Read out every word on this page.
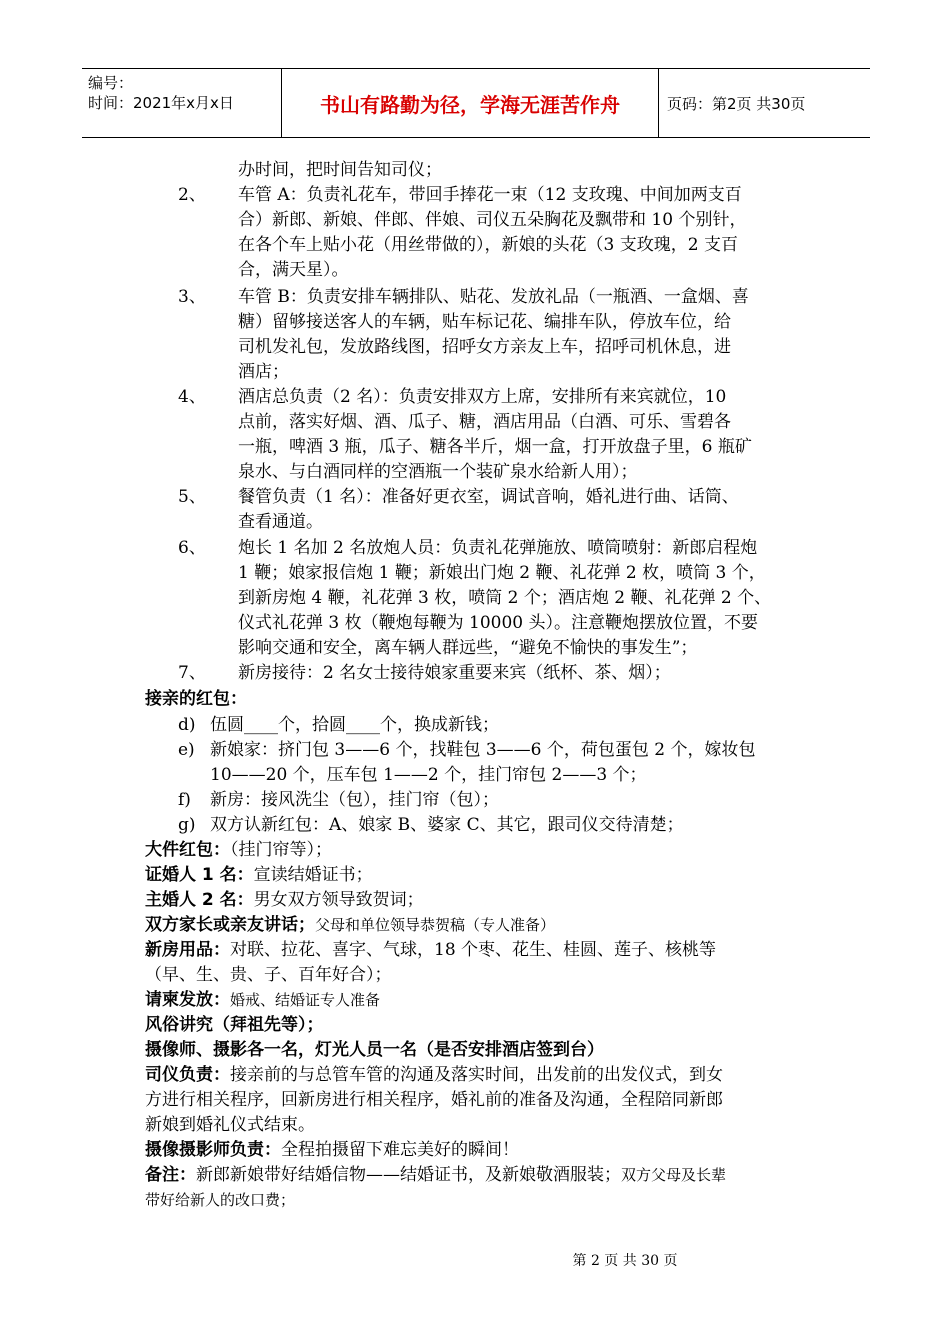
编号：
时间：2021年x月x日	书山有路勤为径，学海无涯苦作舟	页码：第2页 共30页
办时间，把时间告知司仪；
2、 车管 A：负责礼花车，带回手捧花一束（12 支玫瑰、中间加两支百
合）新郎、新娘、伴郎、伴娘、司仪五朵胸花及飘带和 10 个别针，
在各个车上贴小花（用丝带做的），新娘的头花（3 支玫瑰，2 支百
合，满天星）。
3、 车管 B：负责安排车辆排队、贴花、发放礼品（一瓶酒、一盒烟、喜
糖）留够接送客人的车辆，贴车标记花、编排车队，停放车位，给
司机发礼包，发放路线图，招呼女方亲友上车，招呼司机休息，进
酒店；
4、 酒店总负责（2 名）：负责安排双方上席，安排所有来宾就位，10
点前，落实好烟、酒、瓜子、糖，酒店用品（白酒、可乐、雪碧各
一瓶，啤酒 3 瓶，瓜子、糖各半斤，烟一盒，打开放盘子里，6 瓶矿
泉水、与白酒同样的空酒瓶一个装矿泉水给新人用）；
5、 餐管负责（1 名）：准备好更衣室，调试音响，婚礼进行曲、话筒、
查看通道。
6、 炮长 1 名加 2 名放炮人员：负责礼花弹施放、喷筒喷射：新郎启程炮
1 鞭；娘家报信炮 1 鞭；新娘出门炮 2 鞭、礼花弹 2 枚，喷筒 3 个，
到新房炮 4 鞭，礼花弹 3 枚，喷筒 2 个；酒店炮 2 鞭、礼花弹 2 个、
仪式礼花弹 3 枚（鞭炮每鞭为 10000 头）。注意鞭炮摆放位置，不要
影响交通和安全，离车辆人群远些，“避免不愉快的事发生”；
7、 新房接待：2 名女士接待娘家重要来宾（纸杯、茶、烟）；
接亲的红包：
d) 伍圆____个，拾圆____个，换成新钱；
e) 新娘家：挤门包 3——6 个，找鞋包 3——6 个，荷包蛋包 2 个，嫁妆包
10——20 个，压车包 1——2 个，挂门帘包 2——3 个；
f) 新房：接风洗尘（包），挂门帘（包）；
g) 双方认新红包：A、娘家 B、婆家 C、其它，跟司仪交待清楚；
大件红包：（挂门帘等）；
证婚人 1 名：宣读结婚证书；
主婚人 2 名：男女双方领导致贺词；
双方家长或亲友讲话；父母和单位领导恭贺稿（专人准备）
新房用品：对联、拉花、喜字、气球，18 个枣、花生、桂圆、莲子、核桃等
（早、生、贵、子、百年好合）；
请柬发放：婚戒、结婚证专人准备
风俗讲究（拜祖先等）；
摄像师、摄影各一名，灯光人员一名（是否安排酒店签到台）
司仪负责：接亲前的与总管车管的沟通及落实时间，出发前的出发仪式，到女
方进行相关程序，回新房进行相关程序，婚礼前的准备及沟通，全程陪同新郎
新娘到婚礼仪式结束。
摄像摄影师负责：全程拍摄留下难忘美好的瞬间！
备注：新郎新娘带好结婚信物——结婚证书，及新娘敬酒服装；双方父母及长辈
带好给新人的改口费；
第 2 页 共 30 页
